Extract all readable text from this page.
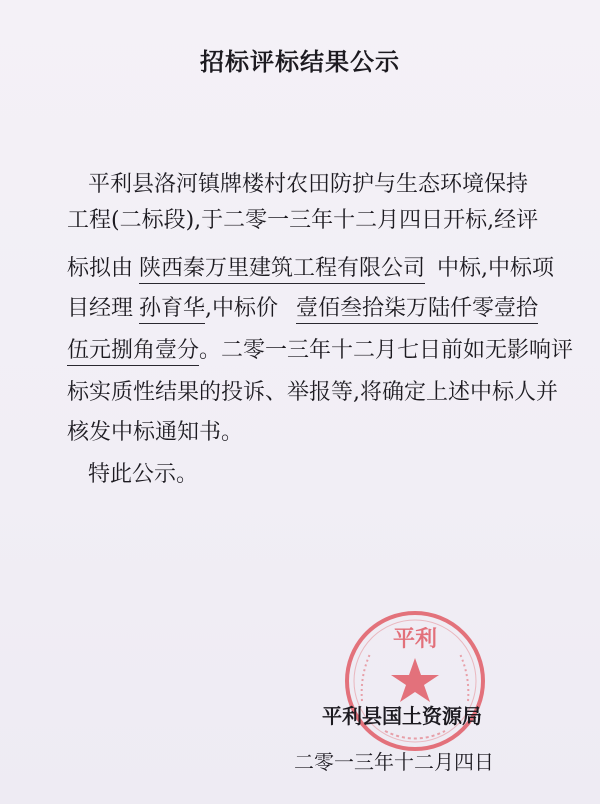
招标评标结果公示
平利县洛河镇牌楼村农田防护与生态环境保持
工程(二标段),于二零一三年十二月四日开标,经评
标拟由 陕西秦万里建筑工程有限公司 中标,中标项
目经理 孙育华,中标价 壹佰叁拾柒万陆仟零壹拾
伍元捌角壹分。二零一三年十二月七日前如无影响评
标实质性结果的投诉、举报等,将确定上述中标人并
核发中标通知书。
特此公示。
平利
平利县国土资源局
二零一三年十二月四日
